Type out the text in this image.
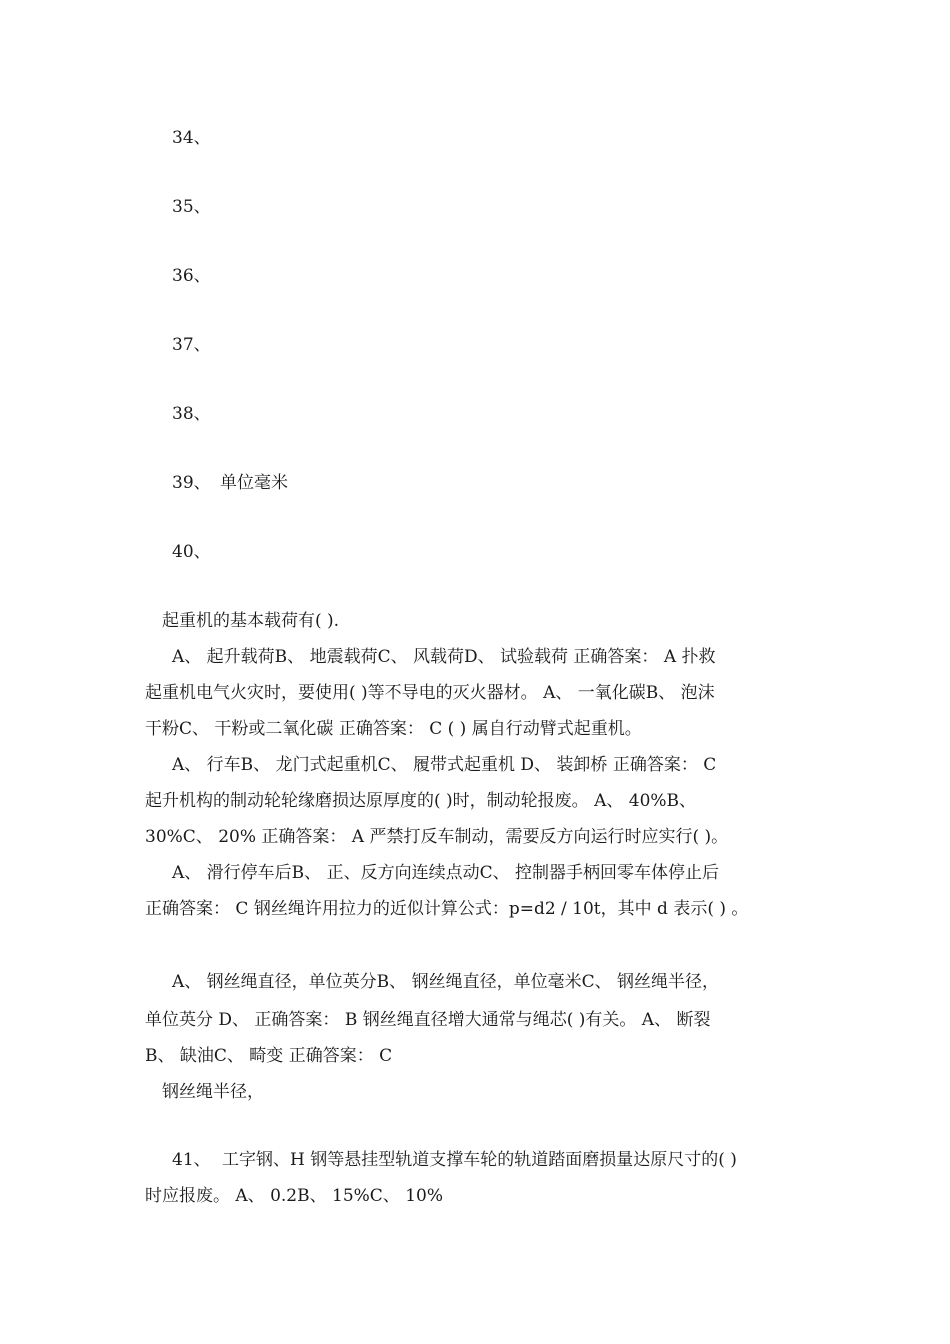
34、
35、
36、
37、
38、
39、 单位毫米
40、
起重机的基本载荷有( ).
A、 起升载荷B、 地震载荷C、 风载荷D、 试验载荷 正确答案： A 扑救
起重机电气火灾时，要使用( )等不导电的灭火器材。 A、 一氧化碳B、 泡沫
干粉C、 干粉或二氧化碳 正确答案： C ( ) 属自行动臂式起重机。
A、 行车B、 龙门式起重机C、 履带式起重机 D、 装卸桥 正确答案： C
起升机构的制动轮轮缘磨损达原厚度的( )时，制动轮报废。 A、 40%B、
30%C、 20% 正确答案： A 严禁打反车制动，需要反方向运行时应实行( )。
A、 滑行停车后B、 正、反方向连续点动C、 控制器手柄回零车体停止后
正确答案： C 钢丝绳许用拉力的近似计算公式：p=d2 / 10t，其中 d 表示( ) 。
A、 钢丝绳直径，单位英分B、 钢丝绳直径，单位毫米C、 钢丝绳半径，
单位英分 D、 正确答案： B 钢丝绳直径增大通常与绳芯( )有关。 A、 断裂
B、 缺油C、 畸变 正确答案： C
钢丝绳半径，
41、 工字钢、H 钢等悬挂型轨道支撑车轮的轨道踏面磨损量达原尺寸的( )
时应报废。 A、 0.2B、 15%C、 10%
